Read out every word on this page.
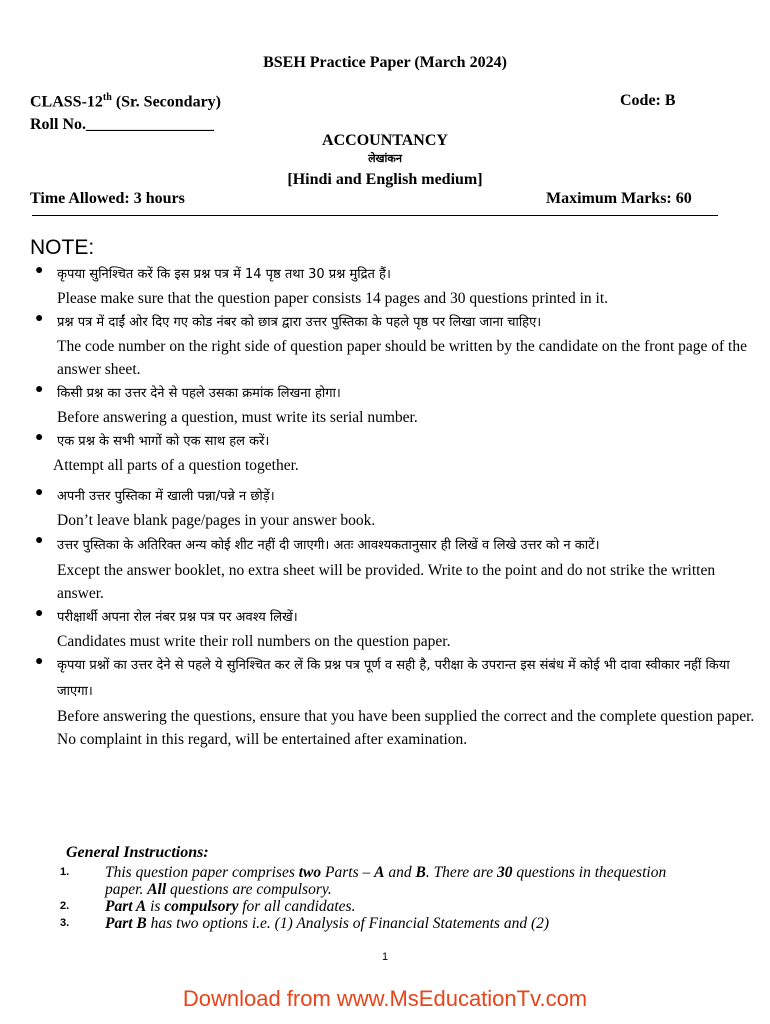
BSEH Practice Paper (March 2024)
CLASS-12th (Sr. Secondary)	Code: B
Roll No.________________
ACCOUNTANCY
लेखांकन
[Hindi and English medium]
Time Allowed: 3 hours	Maximum Marks: 60
NOTE:
● कृपया सुनिश्चित करें कि इस प्रश्न पत्र में 14 पृष्ठ तथा 30 प्रश्न मुद्रित हैं।
Please make sure that the question paper consists 14 pages and 30 questions printed in it.
● प्रश्न पत्र में दाईं ओर दिए गए कोड नंबर को छात्र द्वारा उत्तर पुस्तिका के पहले पृष्ठ पर लिखा जाना चाहिए।
The code number on the right side of question paper should be written by the candidate on the front page of the answer sheet.
● किसी प्रश्न का उत्तर देने से पहले उसका क्रमांक लिखना होगा।
Before answering a question, must write its serial number.
● एक प्रश्न के सभी भागों को एक साथ हल करें।
Attempt all parts of a question together.
● अपनी उत्तर पुस्तिका में खाली पन्ना/पन्ने न छोड़ें।
Don’t leave blank page/pages in your answer book.
● उत्तर पुस्तिका के अतिरिक्त अन्य कोई शीट नहीं दी जाएगी। अतः आवश्यकतानुसार ही लिखें व लिखे उत्तर को न काटें।
Except the answer booklet, no extra sheet will be provided. Write to the point and do not strike the written answer.
● परीक्षार्थी अपना रोल नंबर प्रश्न पत्र पर अवश्य लिखें।
Candidates must write their roll numbers on the question paper.
● कृपया प्रश्नों का उत्तर देने से पहले ये सुनिश्चित कर लें कि प्रश्न पत्र पूर्ण व सही है, परीक्षा के उपरान्त इस संबंध में कोई भी दावा स्वीकार नहीं किया जाएगा।
Before answering the questions, ensure that you have been supplied the correct and the complete question paper. No complaint in this regard, will be entertained after examination.
General Instructions:
1. This question paper comprises two Parts – A and B. There are 30 questions in thequestion paper. All questions are compulsory.
2. Part A is compulsory for all candidates.
3. Part B has two options i.e. (1) Analysis of Financial Statements and (2)
1
Download from www.MsEducationTv.com
